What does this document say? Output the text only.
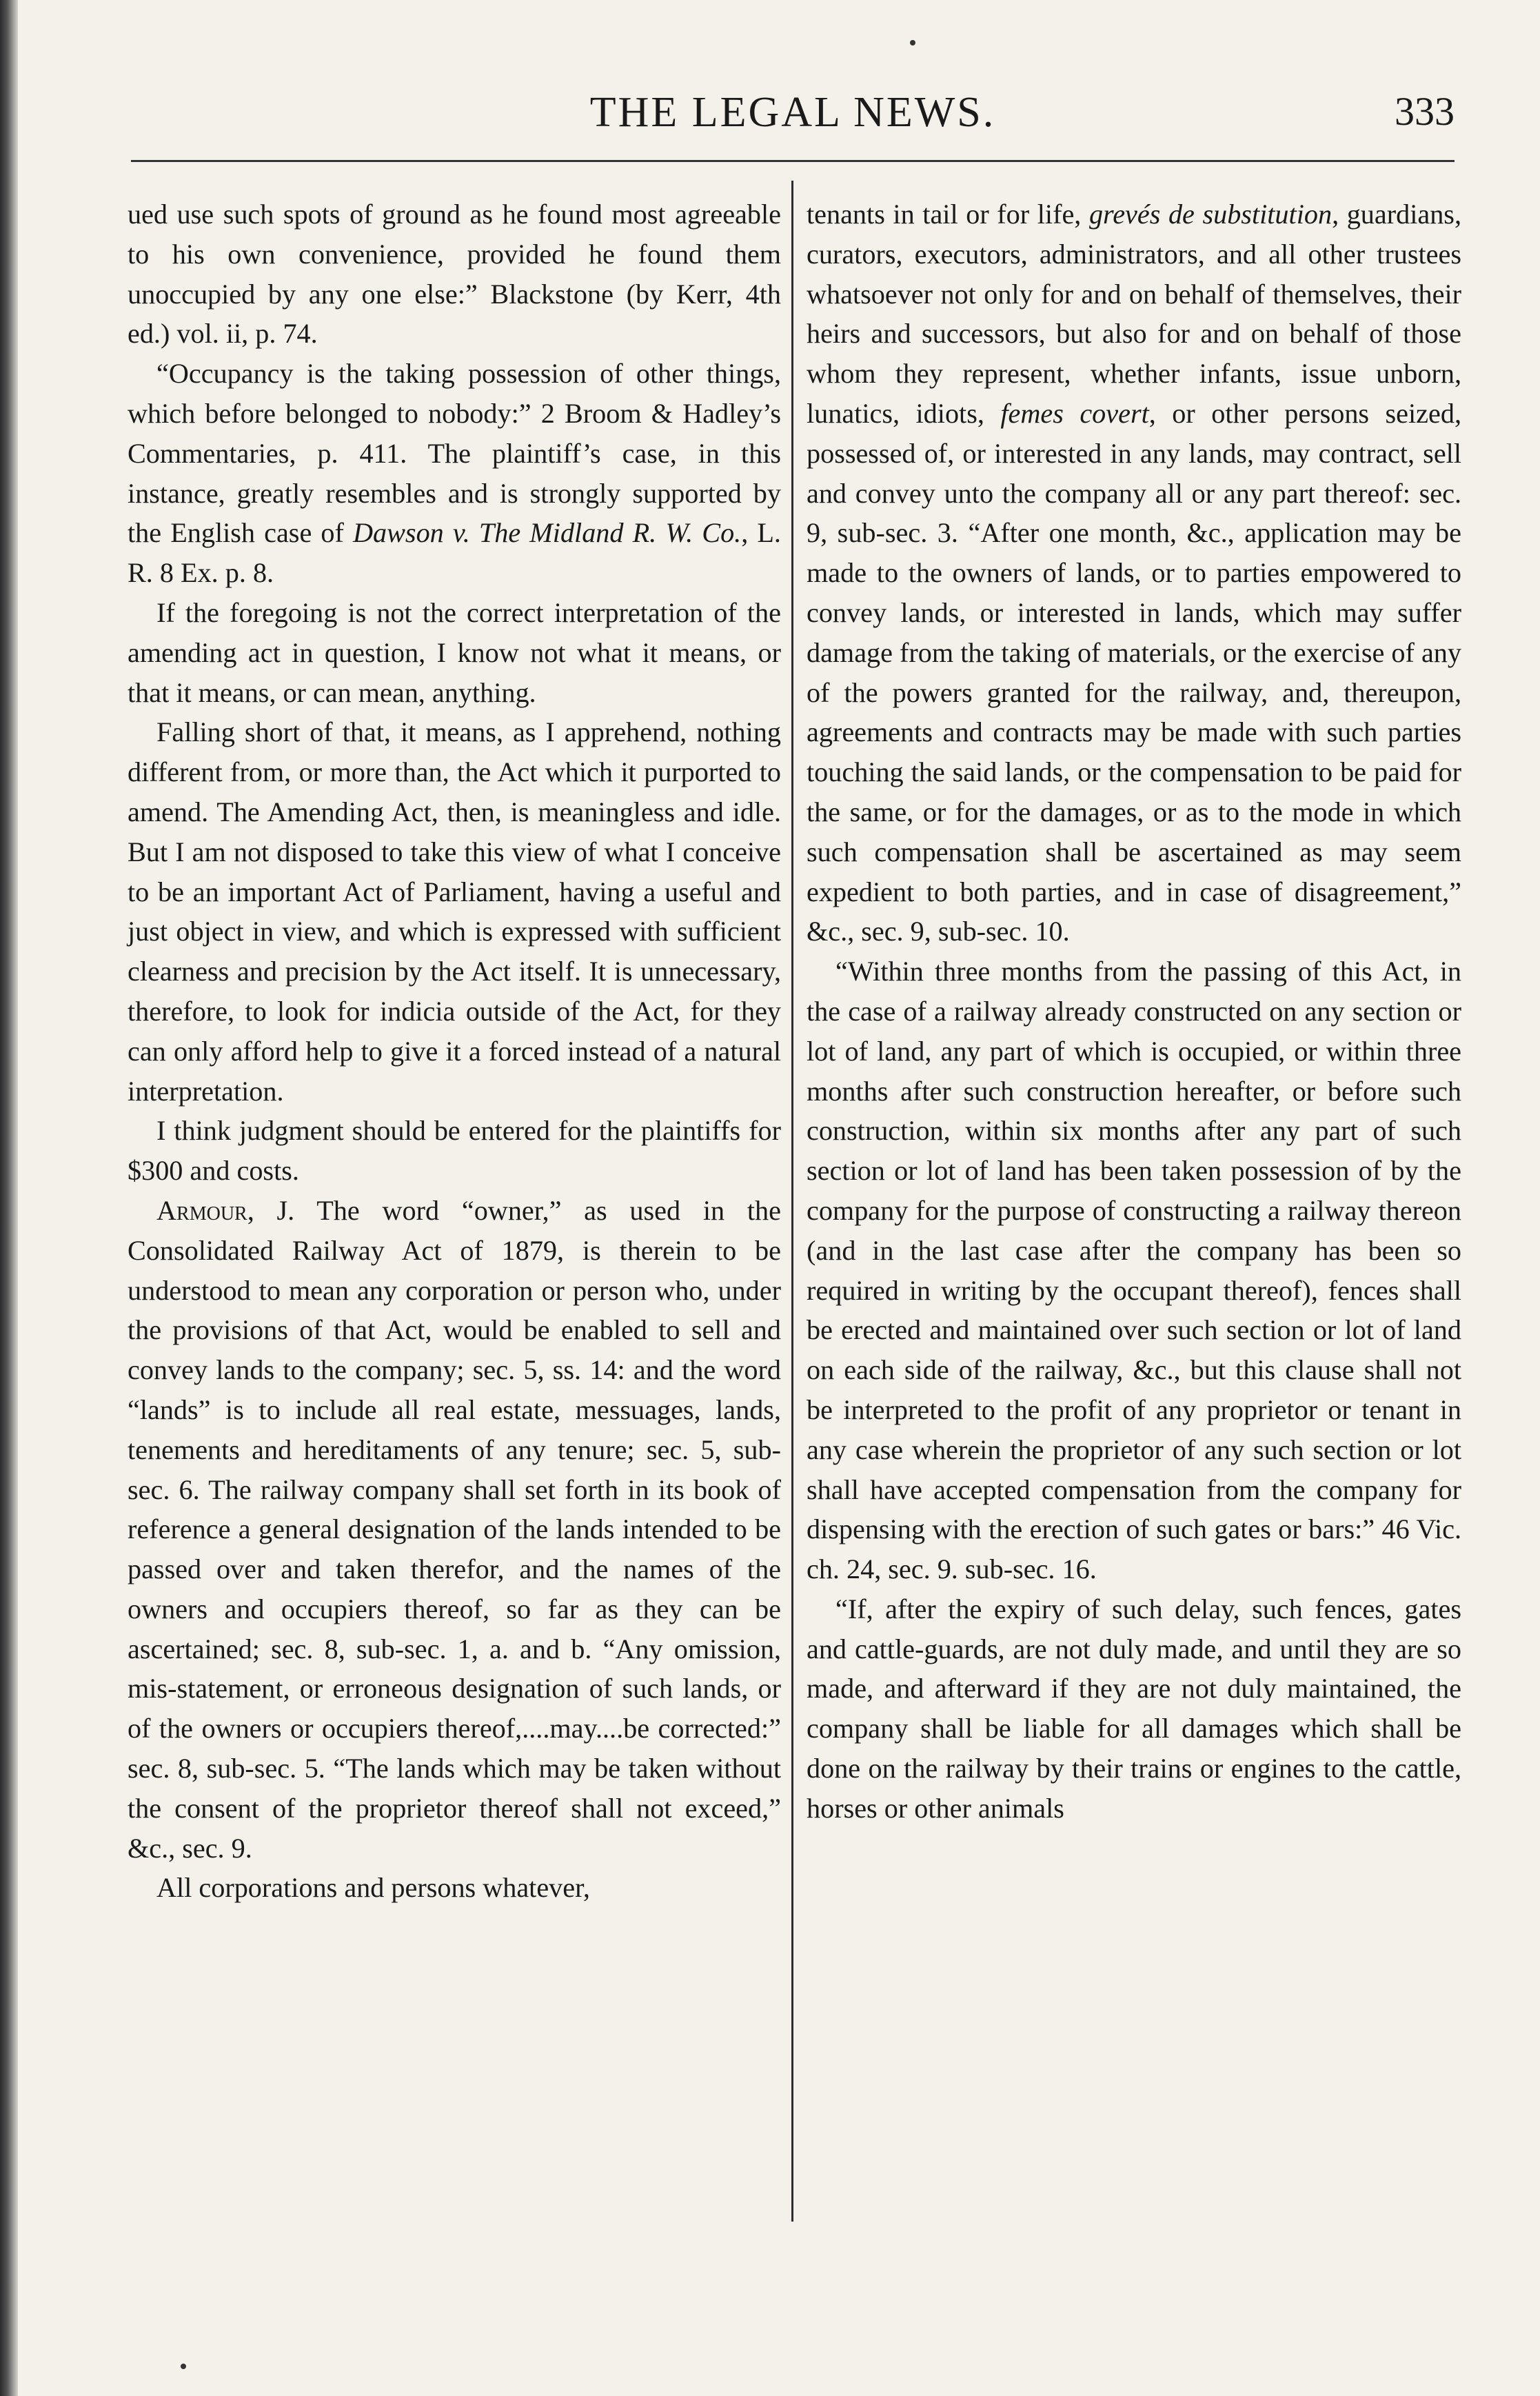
THE LEGAL NEWS.	333

ued use such spots of ground as he found most agreeable to his own convenience, provided he found them unoccupied by any one else:” Blackstone (by Kerr, 4th ed.) vol. ii, p. 74.

“Occupancy is the taking possession of other things, which before belonged to nobody:” 2 Broom & Hadley’s Commentaries, p. 411. The plaintiff’s case, in this instance, greatly resembles and is strongly supported by the English case of Dawson v. The Midland R. W. Co., L. R. 8 Ex. p. 8.

If the foregoing is not the correct interpretation of the amending act in question, I know not what it means, or that it means, or can mean, anything.

Falling short of that, it means, as I apprehend, nothing different from, or more than, the Act which it purported to amend. The Amending Act, then, is meaningless and idle. But I am not disposed to take this view of what I conceive to be an important Act of Parliament, having a useful and just object in view, and which is expressed with sufficient clearness and precision by the Act itself. It is unnecessary, therefore, to look for indicia outside of the Act, for they can only afford help to give it a forced instead of a natural interpretation.

I think judgment should be entered for the plaintiffs for $300 and costs.

Armour, J. The word “owner,” as used in the Consolidated Railway Act of 1879, is therein to be understood to mean any corporation or person who, under the provisions of that Act, would be enabled to sell and convey lands to the company; sec. 5, ss. 14: and the word “lands” is to include all real estate, messuages, lands, tenements and hereditaments of any tenure; sec. 5, sub-sec. 6. The railway company shall set forth in its book of reference a general designation of the lands intended to be passed over and taken therefor, and the names of the owners and occupiers thereof, so far as they can be ascertained; sec. 8, sub-sec. 1, a. and b. “Any omission, mis-statement, or erroneous designation of such lands, or of the owners or occupiers thereof,....may....be corrected:” sec. 8, sub-sec. 5. “The lands which may be taken without the consent of the proprietor thereof shall not exceed,” &c., sec. 9.

All corporations and persons whatever,

tenants in tail or for life, grevés de substitution, guardians, curators, executors, administrators, and all other trustees whatsoever not only for and on behalf of themselves, their heirs and successors, but also for and on behalf of those whom they represent, whether infants, issue unborn, lunatics, idiots, femes covert, or other persons seized, possessed of, or interested in any lands, may contract, sell and convey unto the company all or any part thereof: sec. 9, sub-sec. 3. “After one month, &c., application may be made to the owners of lands, or to parties empowered to convey lands, or interested in lands, which may suffer damage from the taking of materials, or the exercise of any of the powers granted for the railway, and, thereupon, agreements and contracts may be made with such parties touching the said lands, or the compensation to be paid for the same, or for the damages, or as to the mode in which such compensation shall be ascertained as may seem expedient to both parties, and in case of disagreement,” &c., sec. 9, sub-sec. 10.

“Within three months from the passing of this Act, in the case of a railway already constructed on any section or lot of land, any part of which is occupied, or within three months after such construction hereafter, or before such construction, within six months after any part of such section or lot of land has been taken possession of by the company for the purpose of constructing a railway thereon (and in the last case after the company has been so required in writing by the occupant thereof), fences shall be erected and maintained over such section or lot of land on each side of the railway, &c., but this clause shall not be interpreted to the profit of any proprietor or tenant in any case wherein the proprietor of any such section or lot shall have accepted compensation from the company for dispensing with the erection of such gates or bars:” 46 Vic. ch. 24, sec. 9. sub-sec. 16.

“If, after the expiry of such delay, such fences, gates and cattle-guards, are not duly made, and until they are so made, and afterward if they are not duly maintained, the company shall be liable for all damages which shall be done on the railway by their trains or engines to the cattle, horses or other animals
